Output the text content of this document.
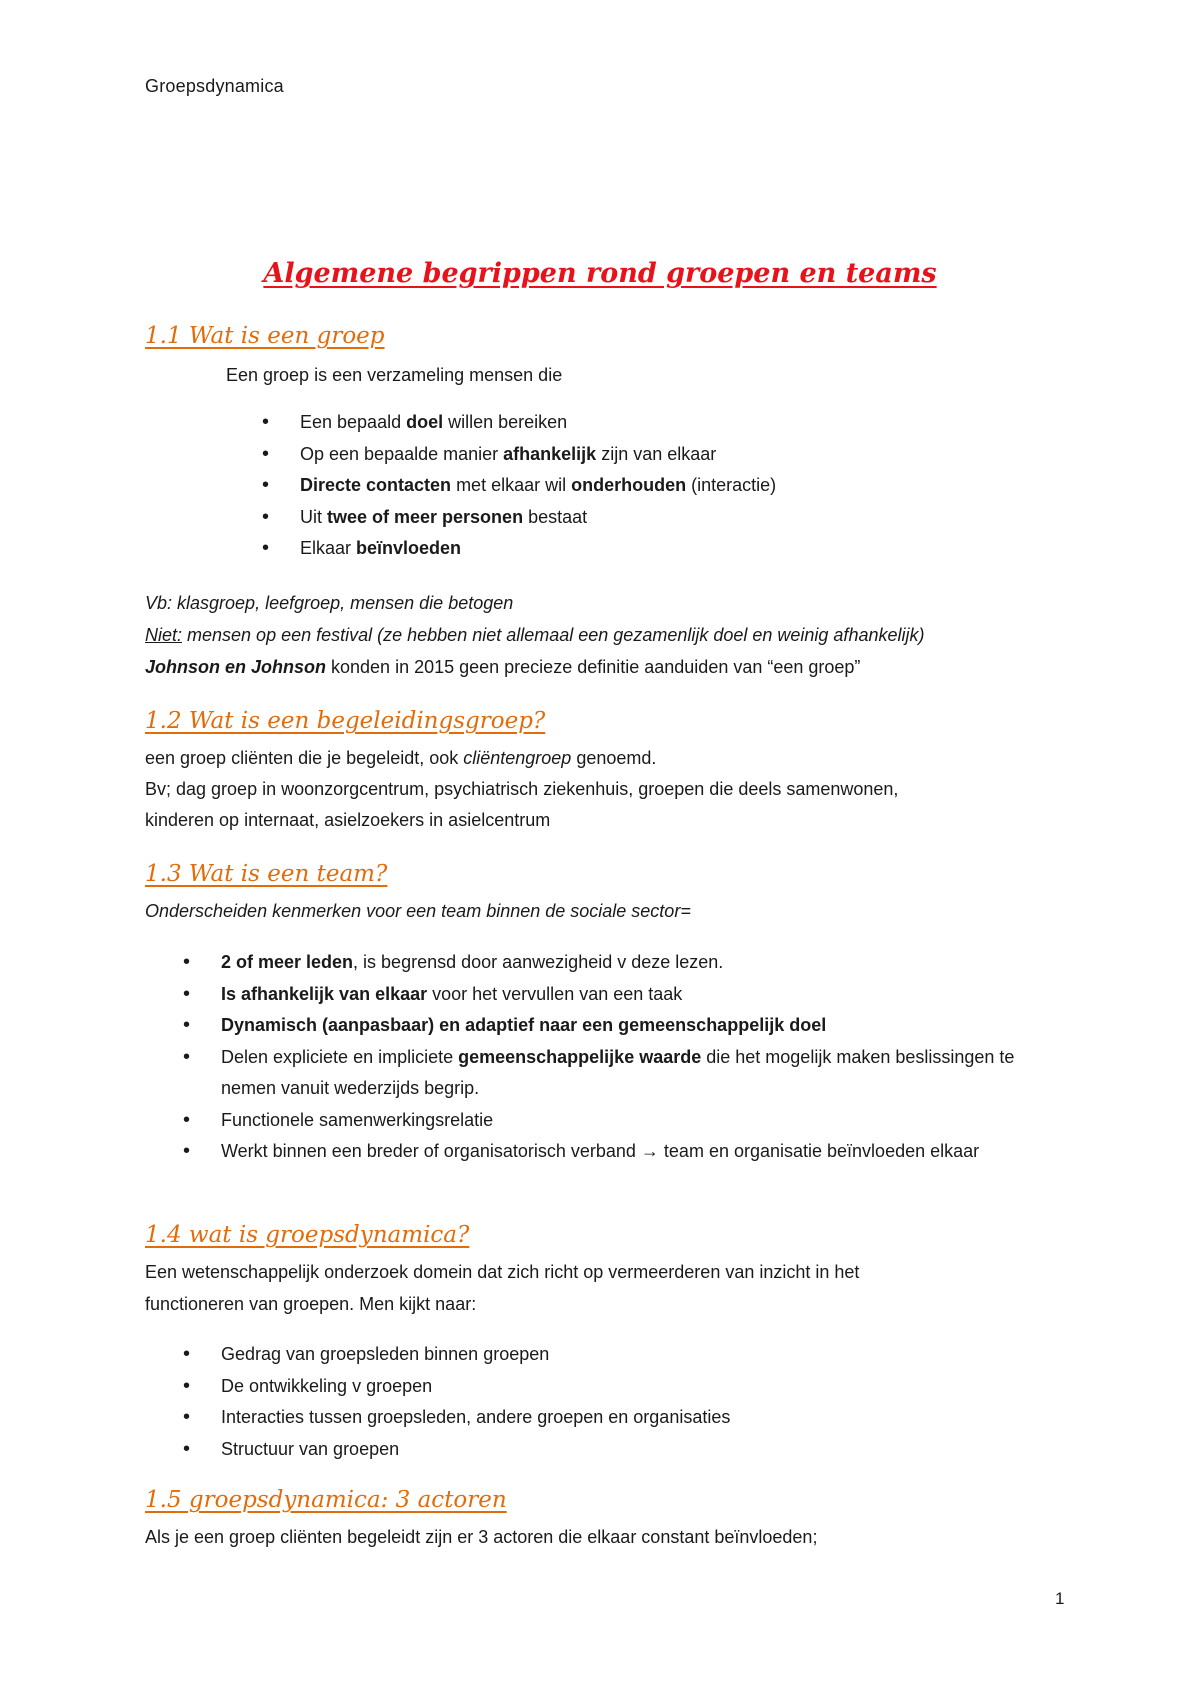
Groepsdynamica
Algemene begrippen rond groepen en teams
1.1 Wat is een groep
Een groep is een verzameling mensen die
• Een bepaald doel willen bereiken
• Op een bepaalde manier afhankelijk zijn van elkaar
• Directe contacten met elkaar wil onderhouden (interactie)
• Uit twee of meer personen bestaat
• Elkaar beïnvloeden
Vb: klasgroep, leefgroep, mensen die betogen
Niet: mensen op een festival (ze hebben niet allemaal een gezamenlijk doel en weinig afhankelijk)
Johnson en Johnson konden in 2015 geen precieze definitie aanduiden van “een groep”
1.2 Wat is een begeleidingsgroep?
een groep cliënten die je begeleidt, ook cliëntengroep genoemd.
Bv; dag groep in woonzorgcentrum, psychiatrisch ziekenhuis, groepen die deels samenwonen,
kinderen op internaat, asielzoekers in asielcentrum
1.3 Wat is een team?
Onderscheiden kenmerken voor een team binnen de sociale sector=
• 2 of meer leden, is begrensd door aanwezigheid v deze lezen.
• Is afhankelijk van elkaar voor het vervullen van een taak
• Dynamisch (aanpasbaar) en adaptief naar een gemeenschappelijk doel
• Delen expliciete en impliciete gemeenschappelijke waarde die het mogelijk maken beslissingen te nemen vanuit wederzijds begrip.
• Functionele samenwerkingsrelatie
• Werkt binnen een breder of organisatorisch verband → team en organisatie beïnvloeden elkaar
1.4 wat is groepsdynamica?
Een wetenschappelijk onderzoek domein dat zich richt op vermeerderen van inzicht in het
functioneren van groepen. Men kijkt naar:
• Gedrag van groepsleden binnen groepen
• De ontwikkeling v groepen
• Interacties tussen groepsleden, andere groepen en organisaties
• Structuur van groepen
1.5 groepsdynamica: 3 actoren
Als je een groep cliënten begeleidt zijn er 3 actoren die elkaar constant beïnvloeden;
1
